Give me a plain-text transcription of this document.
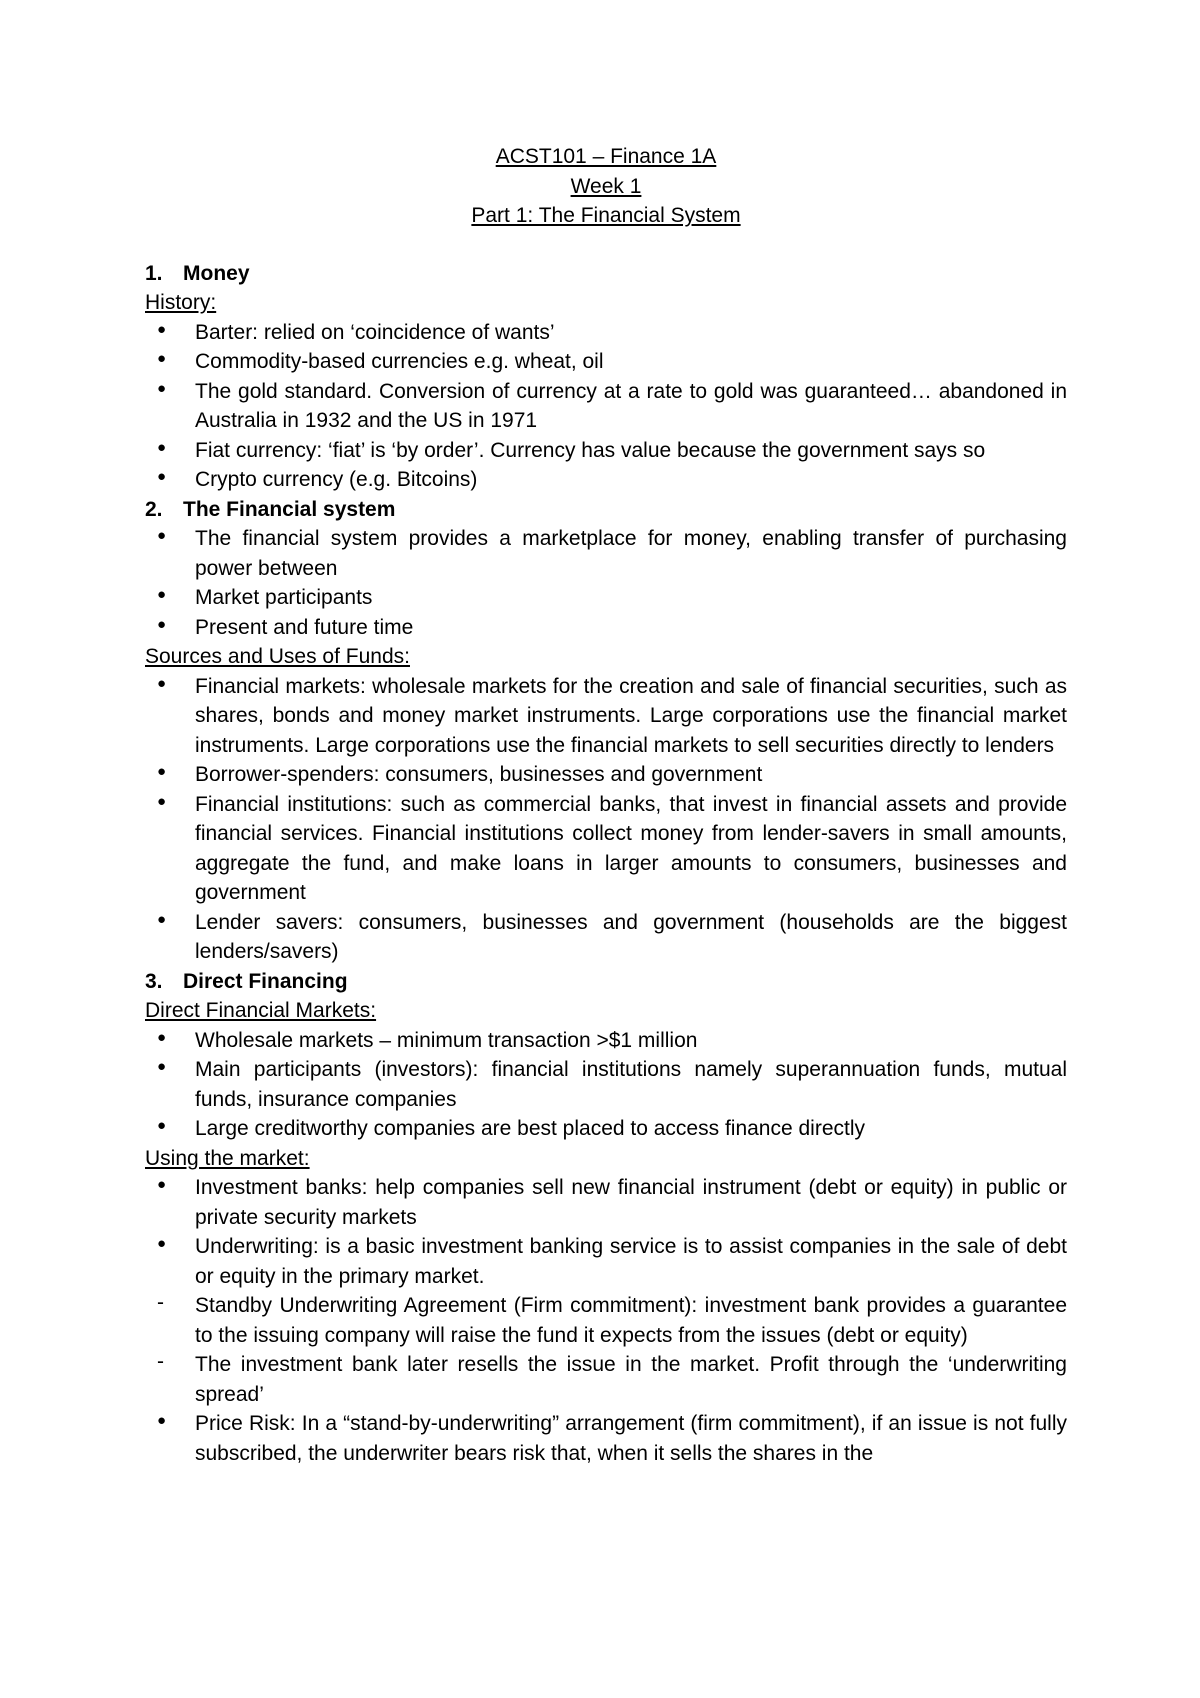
ACST101 – Finance 1A
Week 1
Part 1: The Financial System
1. Money
History:
●	Barter: relied on ‘coincidence of wants’
●	Commodity-based currencies e.g. wheat, oil
●	The gold standard. Conversion of currency at a rate to gold was guaranteed… abandoned in Australia in 1932 and the US in 1971
●	Fiat currency: ‘fiat’ is ‘by order’. Currency has value because the government says so
●	Crypto currency (e.g. Bitcoins)
2. The Financial system
●	The financial system provides a marketplace for money, enabling transfer of purchasing power between
●	Market participants
●	Present and future time
Sources and Uses of Funds:
●	Financial markets: wholesale markets for the creation and sale of financial securities, such as shares, bonds and money market instruments. Large corporations use the financial market instruments. Large corporations use the financial markets to sell securities directly to lenders
●	Borrower-spenders: consumers, businesses and government
●	Financial institutions: such as commercial banks, that invest in financial assets and provide financial services. Financial institutions collect money from lender-savers in small amounts, aggregate the fund, and make loans in larger amounts to consumers, businesses and government
●	Lender savers: consumers, businesses and government (households are the biggest lenders/savers)
3. Direct Financing
Direct Financial Markets:
●	Wholesale markets – minimum transaction >$1 million
●	Main participants (investors): financial institutions namely superannuation funds, mutual funds, insurance companies
●	Large creditworthy companies are best placed to access finance directly
Using the market:
●	Investment banks: help companies sell new financial instrument (debt or equity) in public or private security markets
●	Underwriting: is a basic investment banking service is to assist companies in the sale of debt or equity in the primary market.
-	Standby Underwriting Agreement (Firm commitment): investment bank provides a guarantee to the issuing company will raise the fund it expects from the issues (debt or equity)
-	The investment bank later resells the issue in the market. Profit through the ‘underwriting spread’
●	Price Risk: In a “stand-by-underwriting” arrangement (firm commitment), if an issue is not fully subscribed, the underwriter bears risk that, when it sells the shares in the
